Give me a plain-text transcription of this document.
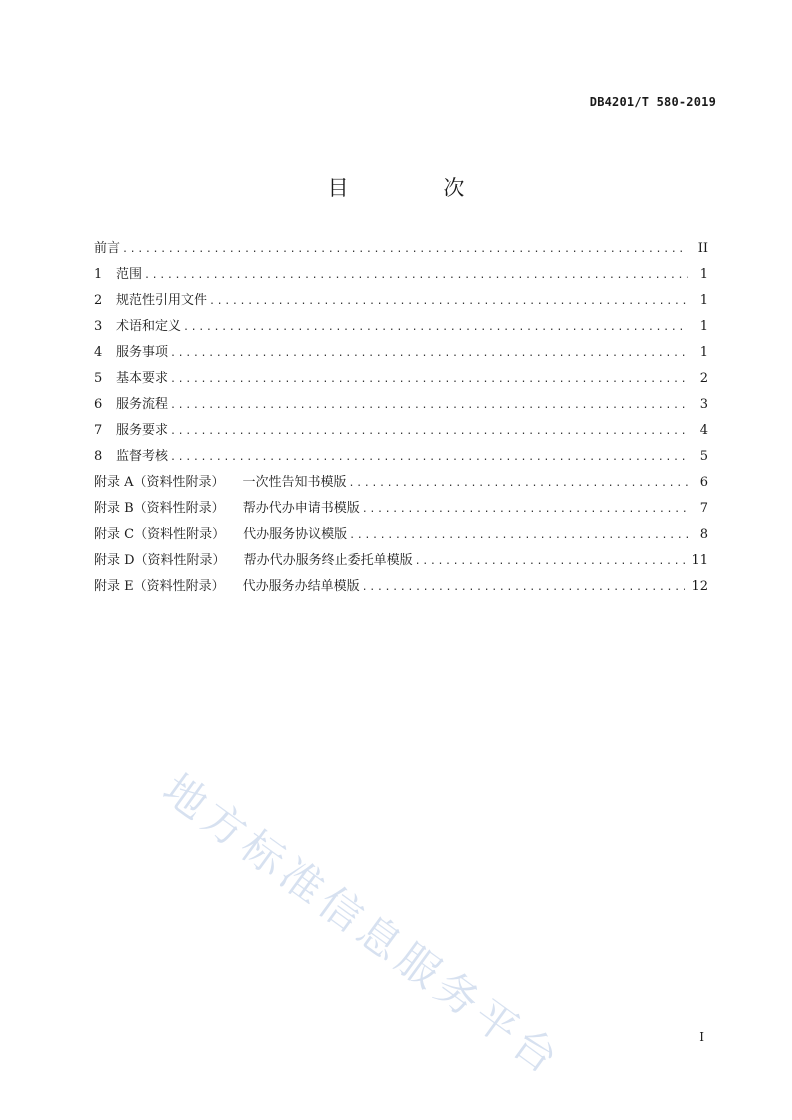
DB4201/T 580-2019
目 次
前言 .....	II
1 范围 .....	1
2 规范性引用文件 .....	1
3 术语和定义 .....	1
4 服务事项 .....	1
5 基本要求 .....	2
6 服务流程 .....	3
7 服务要求 .....	4
8 监督考核 .....	5
附录 A（资料性附录） 一次性告知书模版 .....	6
附录 B（资料性附录） 帮办代办申请书模版 .....	7
附录 C（资料性附录） 代办服务协议模版 .....	8
附录 D（资料性附录） 帮办代办服务终止委托单模版 .....	11
附录 E（资料性附录） 代办服务办结单模版 .....	12
地方标准信息服务平台	I
